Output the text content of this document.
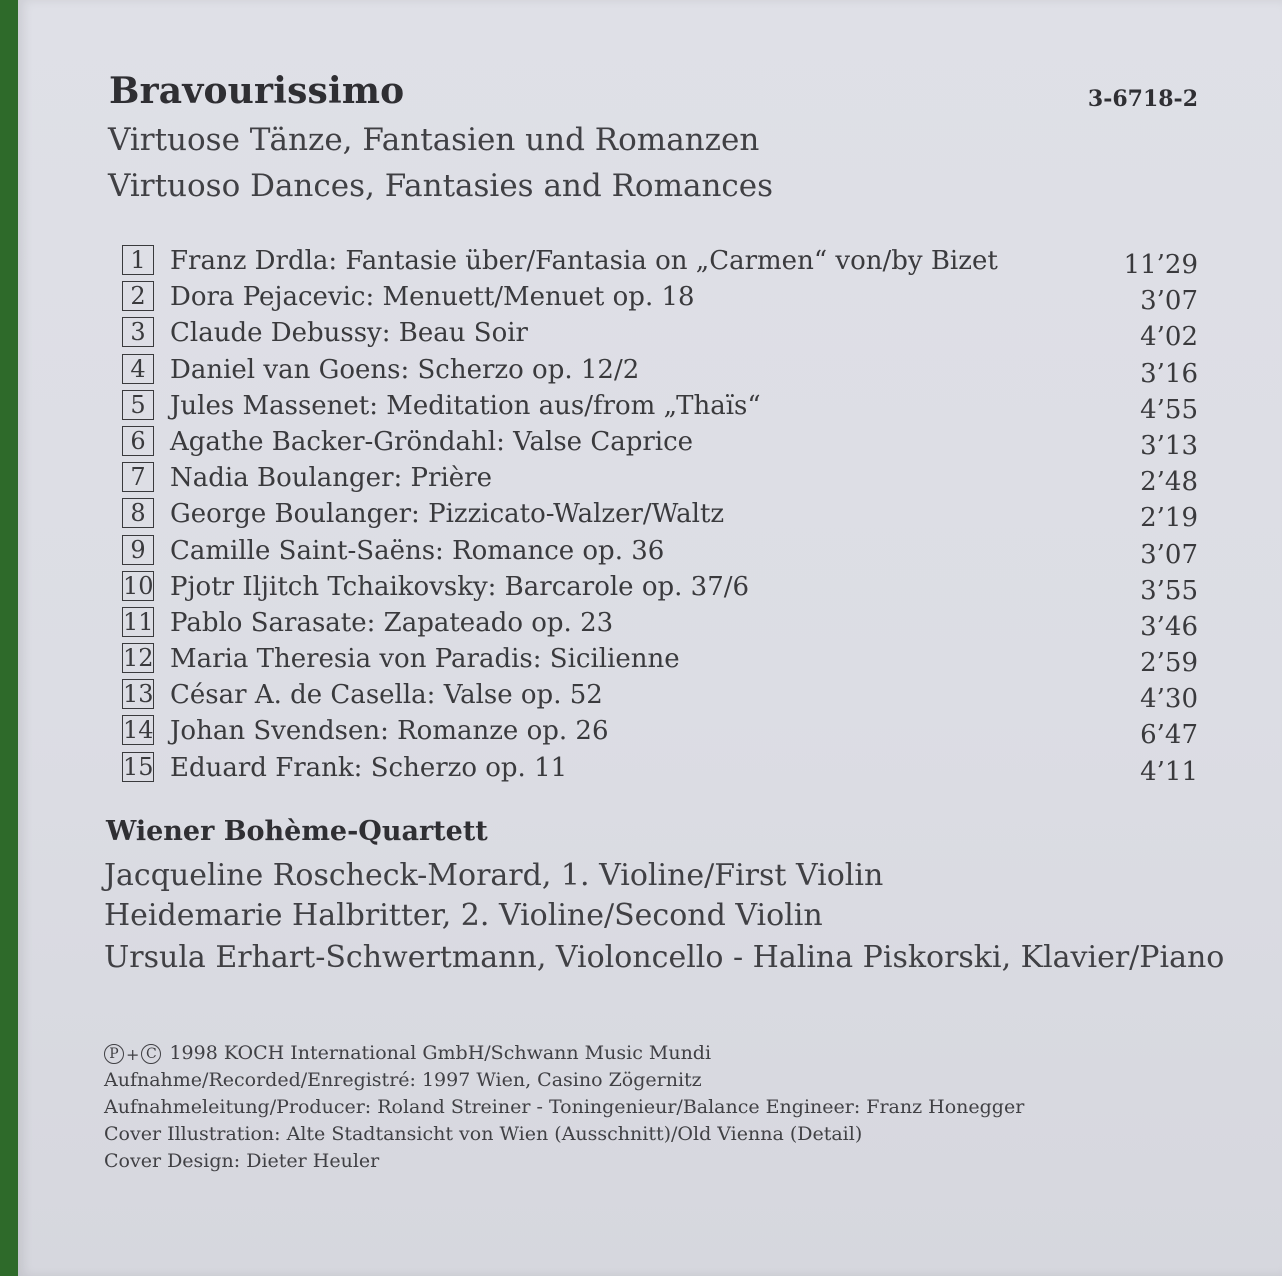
Bravourissimo	3-6718-2
Virtuose Tänze, Fantasien und Romanzen
Virtuoso Dances, Fantasies and Romances
1 Franz Drdla: Fantasie über/Fantasia on „Carmen“ von/by Bizet	11’29
2 Dora Pejacevic: Menuett/Menuet op. 18	3’07
3 Claude Debussy: Beau Soir	4’02
4 Daniel van Goens: Scherzo op. 12/2	3’16
5 Jules Massenet: Meditation aus/from „Thaïs“	4’55
6 Agathe Backer-Gröndahl: Valse Caprice	3’13
7 Nadia Boulanger: Prière	2’48
8 George Boulanger: Pizzicato-Walzer/Waltz	2’19
9 Camille Saint-Saëns: Romance op. 36	3’07
10 Pjotr Iljitch Tchaikovsky: Barcarole op. 37/6	3’55
11 Pablo Sarasate: Zapateado op. 23	3’46
12 Maria Theresia von Paradis: Sicilienne	2’59
13 César A. de Casella: Valse op. 52	4’30
14 Johan Svendsen: Romanze op. 26	6’47
15 Eduard Frank: Scherzo op. 11	4’11
Wiener Bohème-Quartett
Jacqueline Roscheck-Morard, 1. Violine/First Violin
Heidemarie Halbritter, 2. Violine/Second Violin
Ursula Erhart-Schwertmann, Violoncello - Halina Piskorski, Klavier/Piano
P + C 1998 KOCH International GmbH/Schwann Music Mundi
Aufnahme/Recorded/Enregistré: 1997 Wien, Casino Zögernitz
Aufnahmeleitung/Producer: Roland Streiner - Toningenieur/Balance Engineer: Franz Honegger
Cover Illustration: Alte Stadtansicht von Wien (Ausschnitt)/Old Vienna (Detail)
Cover Design: Dieter Heuler
